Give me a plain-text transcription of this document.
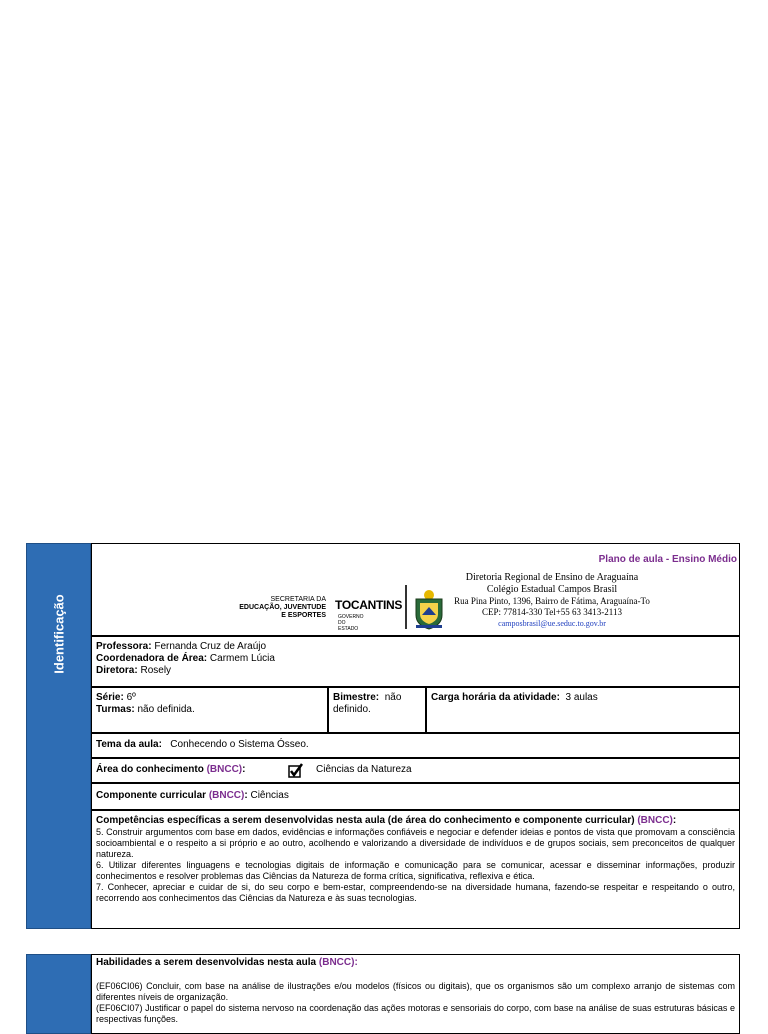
Identificação
Plano de aula - Ensino Médio
SECRETARIA DA
EDUCAÇÃO, JUVENTUDE
E ESPORTES
TOCANTINS
GOVERNO DO ESTADO
Diretoria Regional de Ensino de Araguaína
Colégio Estadual Campos Brasil
Rua Pina Pinto, 1396, Bairro de Fátima, Araguaína-To
CEP: 77814-330 Tel+55 63 3413-2113
camposbrasil@ue.seduc.to.gov.br
Professora: Fernanda Cruz de Araújo
Coordenadora de Área: Carmem Lúcia
Diretora: Rosely
Série: 6º
Turmas: não definida.
Bimestre: não definido.
Carga horária da atividade: 3 aulas
Tema da aula: Conhecendo o Sistema Ósseo.
Área do conhecimento (BNCC):	Ciências da Natureza
Componente curricular (BNCC): Ciências
Competências específicas a serem desenvolvidas nesta aula (de área do conhecimento e componente curricular) (BNCC):

5. Construir argumentos com base em dados, evidências e informações confiáveis e negociar e defender ideias e pontos de vista que promovam a consciência socioambiental e o respeito a si próprio e ao outro, acolhendo e valorizando a diversidade de indivíduos e de grupos sociais, sem preconceitos de qualquer natureza.

6. Utilizar diferentes linguagens e tecnologias digitais de informação e comunicação para se comunicar, acessar e disseminar informações, produzir conhecimentos e resolver problemas das Ciências da Natureza de forma crítica, significativa, reflexiva e ética.

7. Conhecer, apreciar e cuidar de si, do seu corpo e bem-estar, compreendendo-se na diversidade humana, fazendo-se respeitar e respeitando o outro, recorrendo aos conhecimentos das Ciências da Natureza e às suas tecnologias.

Habilidades a serem desenvolvidas nesta aula (BNCC):

(EF06CI06) Concluir, com base na análise de ilustrações e/ou modelos (físicos ou digitais), que os organismos são um complexo arranjo de sistemas com diferentes níveis de organização.

(EF06CI07) Justificar o papel do sistema nervoso na coordenação das ações motoras e sensoriais do corpo, com base na análise de suas estruturas básicas e respectivas funções.
